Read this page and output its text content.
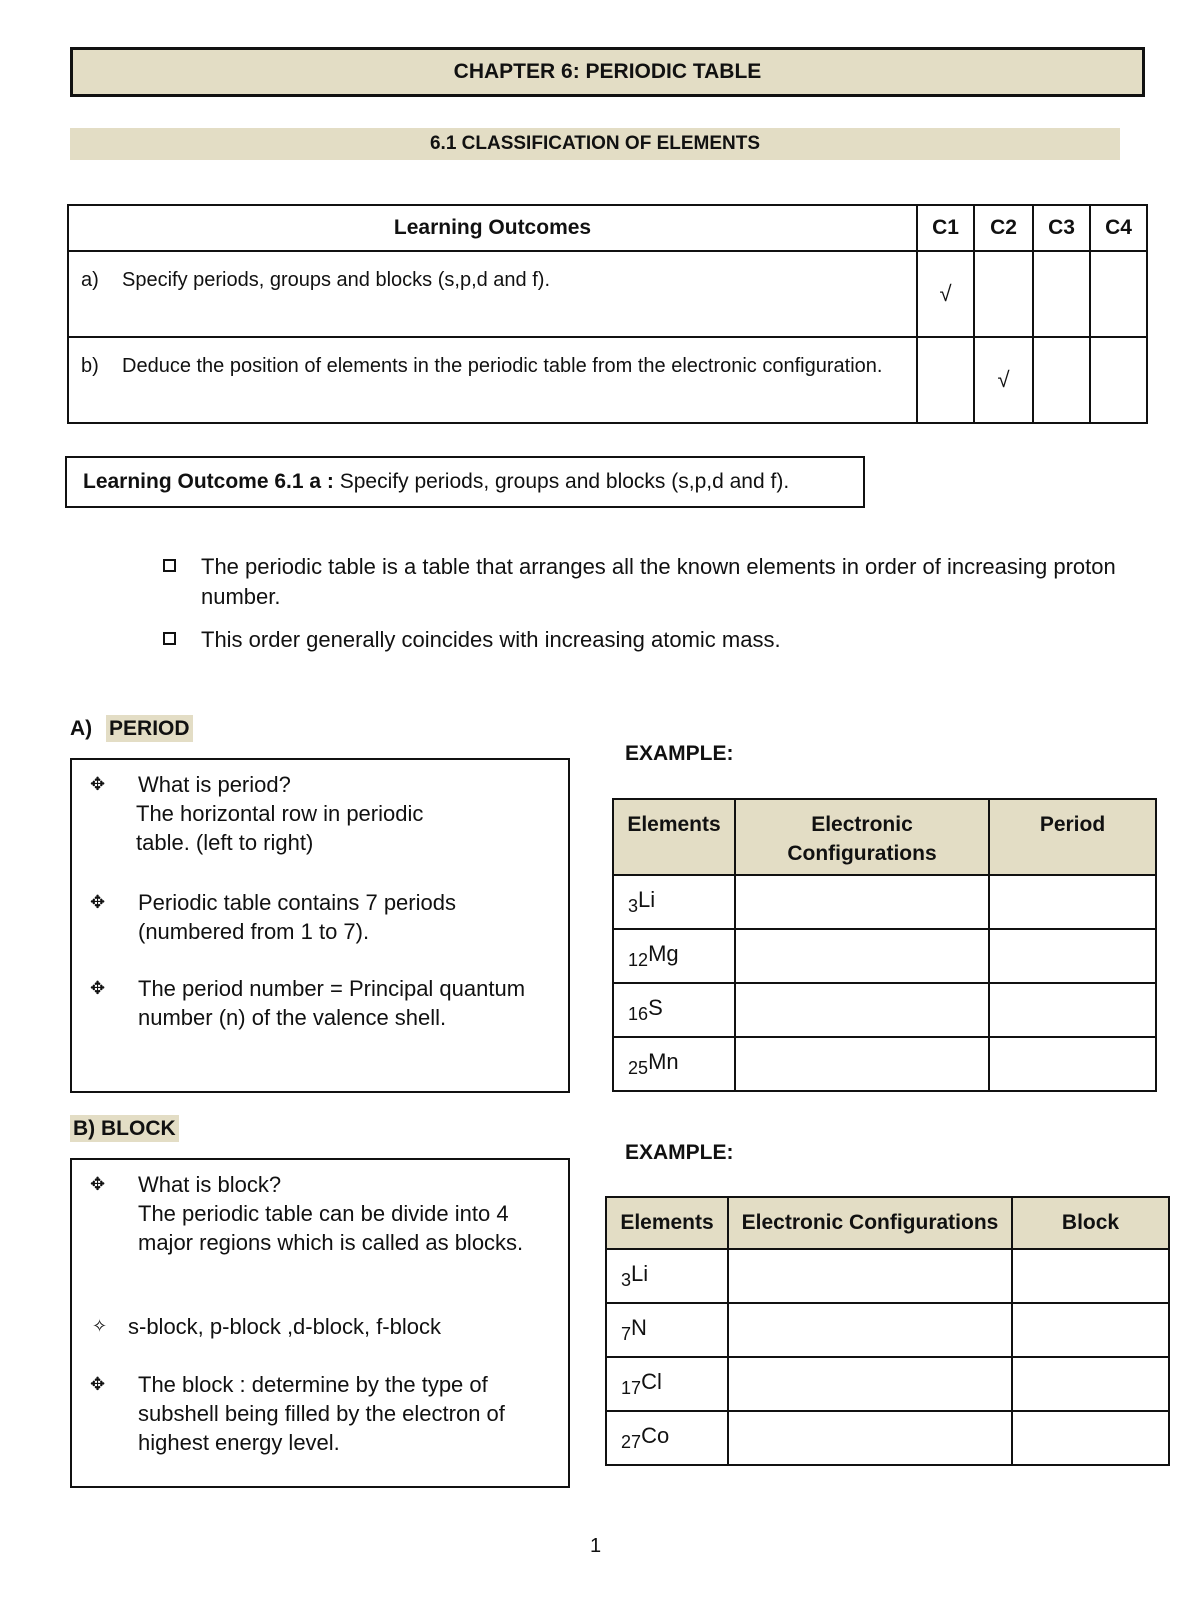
CHAPTER 6: PERIODIC TABLE
6.1 CLASSIFICATION OF ELEMENTS
Learning Outcomes	C1	C2	C3	C4

a) Specify periods, groups and blocks (s,p,d and f).	√			

b) Deduce the position of elements in the periodic table from the electronic configuration.		√		
Learning Outcome 6.1 a :
Specify periods, groups and blocks (s,p,d and f).
The periodic table is a table that arranges all the known elements in order of increasing proton number.
This order generally coincides with increasing atomic mass.
A) PERIOD
✥	What is period?
The horizontal row in periodic table. (left to right)
✥	Periodic table contains 7 periods (numbered from 1 to 7).
✥	The period number = Principal quantum number (n) of the valence shell.
EXAMPLE:
Elements	Electronic Configurations	Period
$_3$Li		
$_{12}$Mg		
$_{16}$S		
$_{25}$Mn		
B) BLOCK
✥	What is block?
The periodic table can be divide into 4 major regions which is called as blocks.
✧ s-block, p-block ,d-block, f-block
✥	The block : determine by the type of subshell being filled by the electron of highest energy level.
EXAMPLE:
Elements	Electronic Configurations	Block
$_3$Li		
$_7$N		
$_{17}$Cl		
$_{27}$Co		
1
